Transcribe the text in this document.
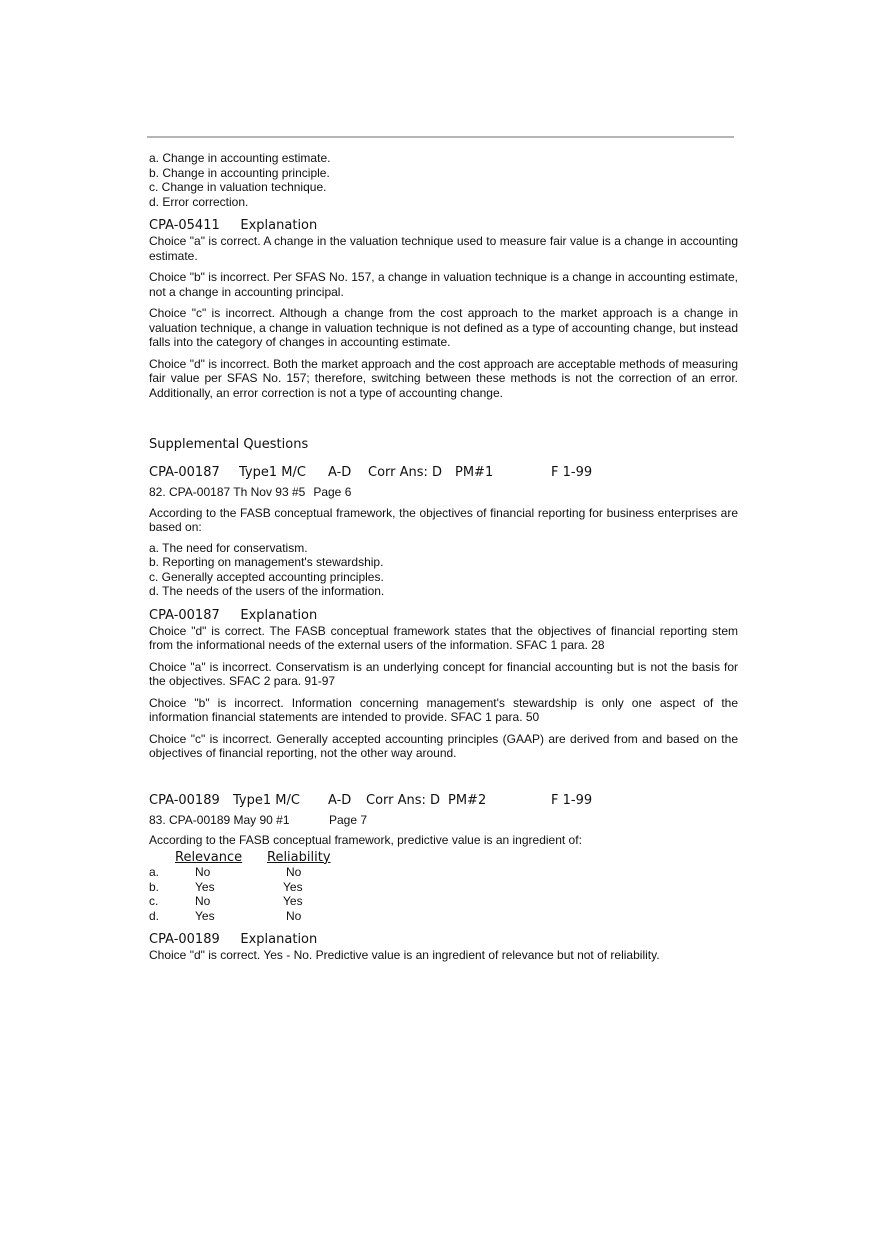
a. Change in accounting estimate.

b. Change in accounting principle.

c. Change in valuation technique.

d. Error correction.

CPA-05411     Explanation

Choice "a" is correct. A change in the valuation technique used to measure fair value is a change in accounting estimate.

Choice "b" is incorrect. Per SFAS No. 157, a change in valuation technique is a change in accounting estimate, not a change in accounting principal.

Choice "c" is incorrect. Although a change from the cost approach to the market approach is a change in valuation technique, a change in valuation technique is not defined as a type of accounting change, but instead falls into the category of changes in accounting estimate.

Choice "d" is incorrect. Both the market approach and the cost approach are acceptable methods of measuring fair value per SFAS No. 157; therefore, switching between these methods is not the correction of an error. Additionally, an error correction is not a type of accounting change.

Supplemental Questions
CPA-00187	Type1 M/C	A-D	Corr Ans: D PM#1	F 1-99
82. CPA-00187 Th Nov 93 #5 Page 6

According to the FASB conceptual framework, the objectives of financial reporting for business enterprises are based on:

a. The need for conservatism.

b. Reporting on management's stewardship.

c. Generally accepted accounting principles.

d. The needs of the users of the information.

CPA-00187     Explanation

Choice "d" is correct. The FASB conceptual framework states that the objectives of financial reporting stem from the informational needs of the external users of the information. SFAC 1 para. 28

Choice "a" is incorrect. Conservatism is an underlying concept for financial accounting but is not the basis for the objectives. SFAC 2 para. 91-97

Choice "b" is incorrect. Information concerning management's stewardship is only one aspect of the information financial statements are intended to provide. SFAC 1 para. 50

Choice "c" is incorrect. Generally accepted accounting principles (GAAP) are derived from and based on the objectives of financial reporting, not the other way around.

CPA-00189	Type1 M/C	A-D	Corr Ans: D PM#2	F 1-99
83. CPA-00189 May 90 #1	Page 7

According to the FASB conceptual framework, predictive value is an ingredient of:

	Relevance	Reliability
a.	No	No
b.	Yes	Yes
c.	No	Yes
d.	Yes	No
CPA-00189     Explanation

Choice "d" is correct. Yes - No. Predictive value is an ingredient of relevance but not of reliability.
